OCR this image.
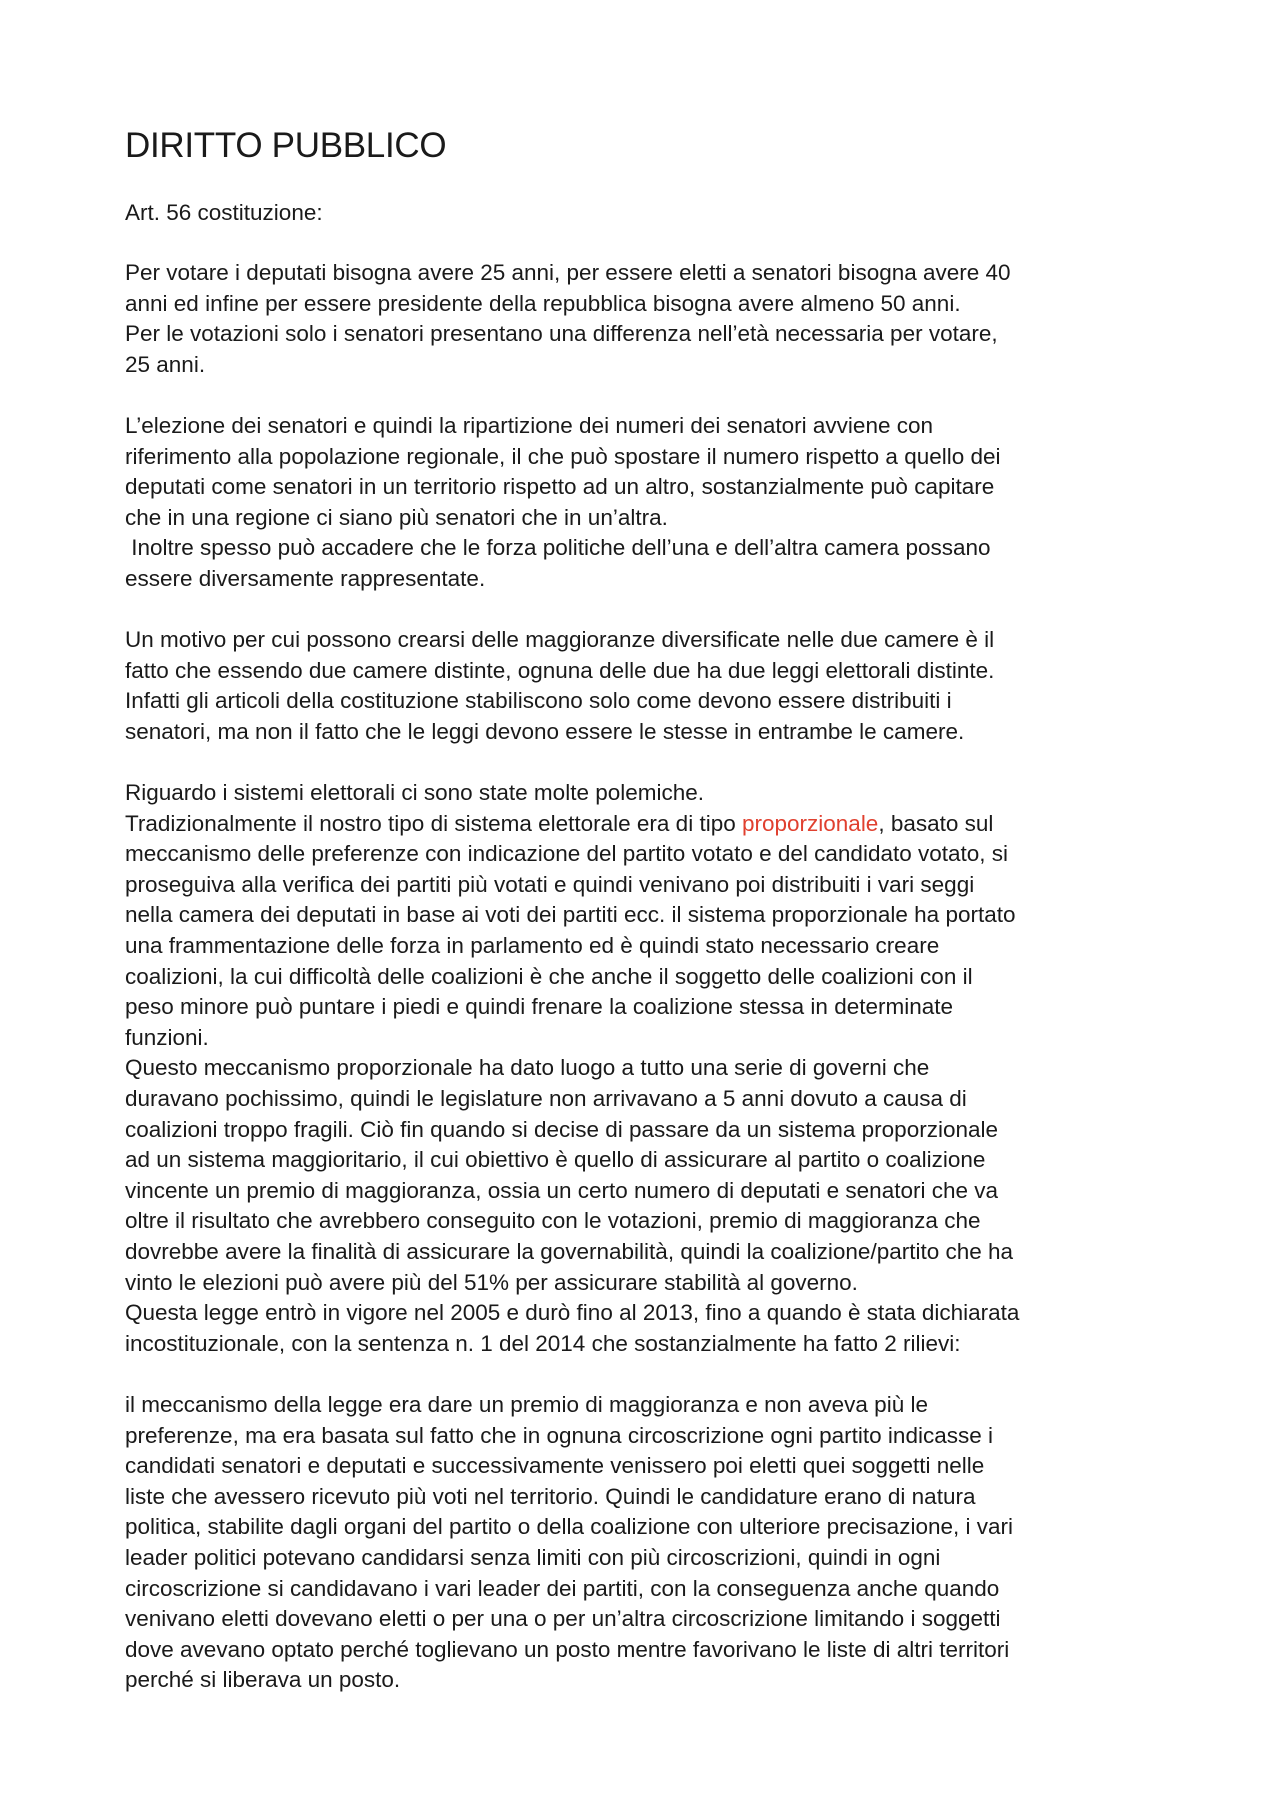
DIRITTO PUBBLICO
Art. 56 costituzione:
Per votare i deputati bisogna avere 25 anni, per essere eletti a senatori bisogna avere 40
anni ed infine per essere presidente della repubblica bisogna avere almeno 50 anni.
Per le votazioni solo i senatori presentano una differenza nell’età necessaria per votare,
25 anni.
L’elezione dei senatori e quindi la ripartizione dei numeri dei senatori avviene con
riferimento alla popolazione regionale, il che può spostare il numero rispetto a quello dei
deputati come senatori in un territorio rispetto ad un altro, sostanzialmente può capitare
che in una regione ci siano più senatori che in un’altra.
Inoltre spesso può accadere che le forza politiche dell’una e dell’altra camera possano
essere diversamente rappresentate.
Un motivo per cui possono crearsi delle maggioranze diversificate nelle due camere è il
fatto che essendo due camere distinte, ognuna delle due ha due leggi elettorali distinte.
Infatti gli articoli della costituzione stabiliscono solo come devono essere distribuiti i
senatori, ma non il fatto che le leggi devono essere le stesse in entrambe le camere.
Riguardo i sistemi elettorali ci sono state molte polemiche.
Tradizionalmente il nostro tipo di sistema elettorale era di tipo proporzionale, basato sul
meccanismo delle preferenze con indicazione del partito votato e del candidato votato, si
proseguiva alla verifica dei partiti più votati e quindi venivano poi distribuiti i vari seggi
nella camera dei deputati in base ai voti dei partiti ecc. il sistema proporzionale ha portato
una frammentazione delle forza in parlamento ed è quindi stato necessario creare
coalizioni, la cui difficoltà delle coalizioni è che anche il soggetto delle coalizioni con il
peso minore può puntare i piedi e quindi frenare la coalizione stessa in determinate
funzioni.
Questo meccanismo proporzionale ha dato luogo a tutto una serie di governi che
duravano pochissimo, quindi le legislature non arrivavano a 5 anni dovuto a causa di
coalizioni troppo fragili. Ciò fin quando si decise di passare da un sistema proporzionale
ad un sistema maggioritario, il cui obiettivo è quello di assicurare al partito o coalizione
vincente un premio di maggioranza, ossia un certo numero di deputati e senatori che va
oltre il risultato che avrebbero conseguito con le votazioni, premio di maggioranza che
dovrebbe avere la finalità di assicurare la governabilità, quindi la coalizione/partito che ha
vinto le elezioni può avere più del 51% per assicurare stabilità al governo.
Questa legge entrò in vigore nel 2005 e durò fino al 2013, fino a quando è stata dichiarata
incostituzionale, con la sentenza n. 1 del 2014 che sostanzialmente ha fatto 2 rilievi:
il meccanismo della legge era dare un premio di maggioranza e non aveva più le
preferenze, ma era basata sul fatto che in ognuna circoscrizione ogni partito indicasse i
candidati senatori e deputati e successivamente venissero poi eletti quei soggetti nelle
liste che avessero ricevuto più voti nel territorio. Quindi le candidature erano di natura
politica, stabilite dagli organi del partito o della coalizione con ulteriore precisazione, i vari
leader politici potevano candidarsi senza limiti con più circoscrizioni, quindi in ogni
circoscrizione si candidavano i vari leader dei partiti, con la conseguenza anche quando
venivano eletti dovevano eletti o per una o per un’altra circoscrizione limitando i soggetti
dove avevano optato perché toglievano un posto mentre favorivano le liste di altri territori
perché si liberava un posto.
